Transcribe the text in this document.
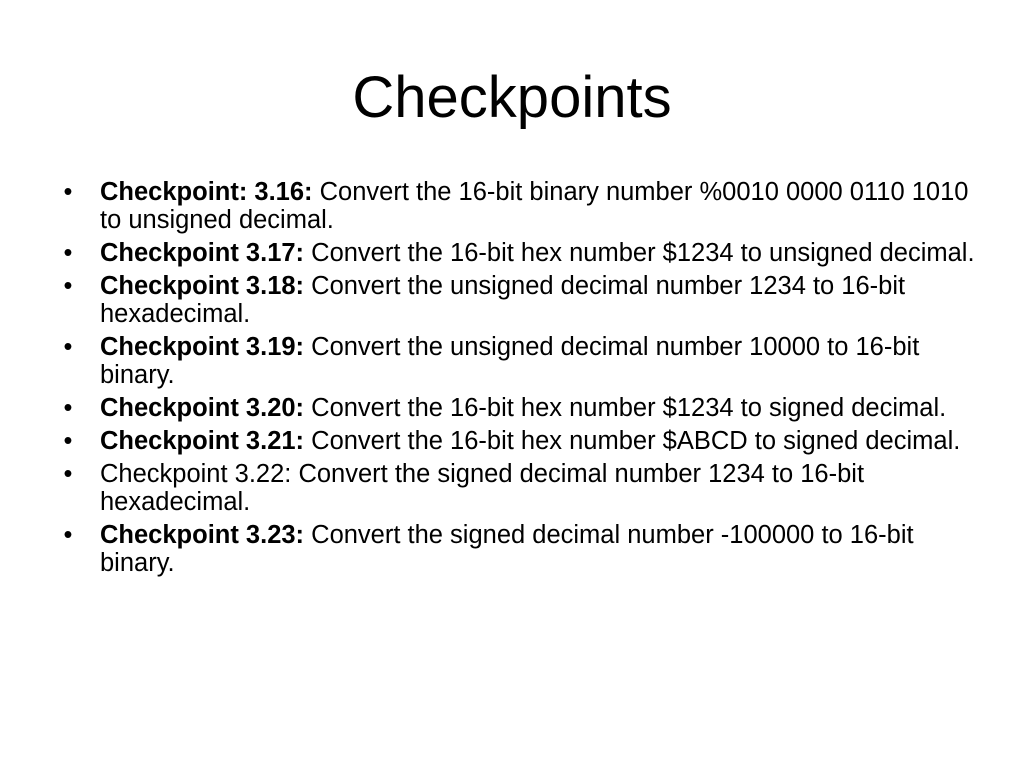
Checkpoints
• Checkpoint: 3.16: Convert the 16-bit binary number %0010 0000 0110 1010 to unsigned decimal.
• Checkpoint 3.17: Convert the 16-bit hex number $1234 to unsigned decimal.
• Checkpoint 3.18: Convert the unsigned decimal number 1234 to 16-bit hexadecimal.
• Checkpoint 3.19: Convert the unsigned decimal number 10000 to 16-bit binary.
• Checkpoint 3.20: Convert the 16-bit hex number $1234 to signed decimal.
• Checkpoint 3.21: Convert the 16-bit hex number $ABCD to signed decimal.
• Checkpoint 3.22: Convert the signed decimal number 1234 to 16-bit hexadecimal.
• Checkpoint 3.23: Convert the signed decimal number -100000 to 16-bit binary.
